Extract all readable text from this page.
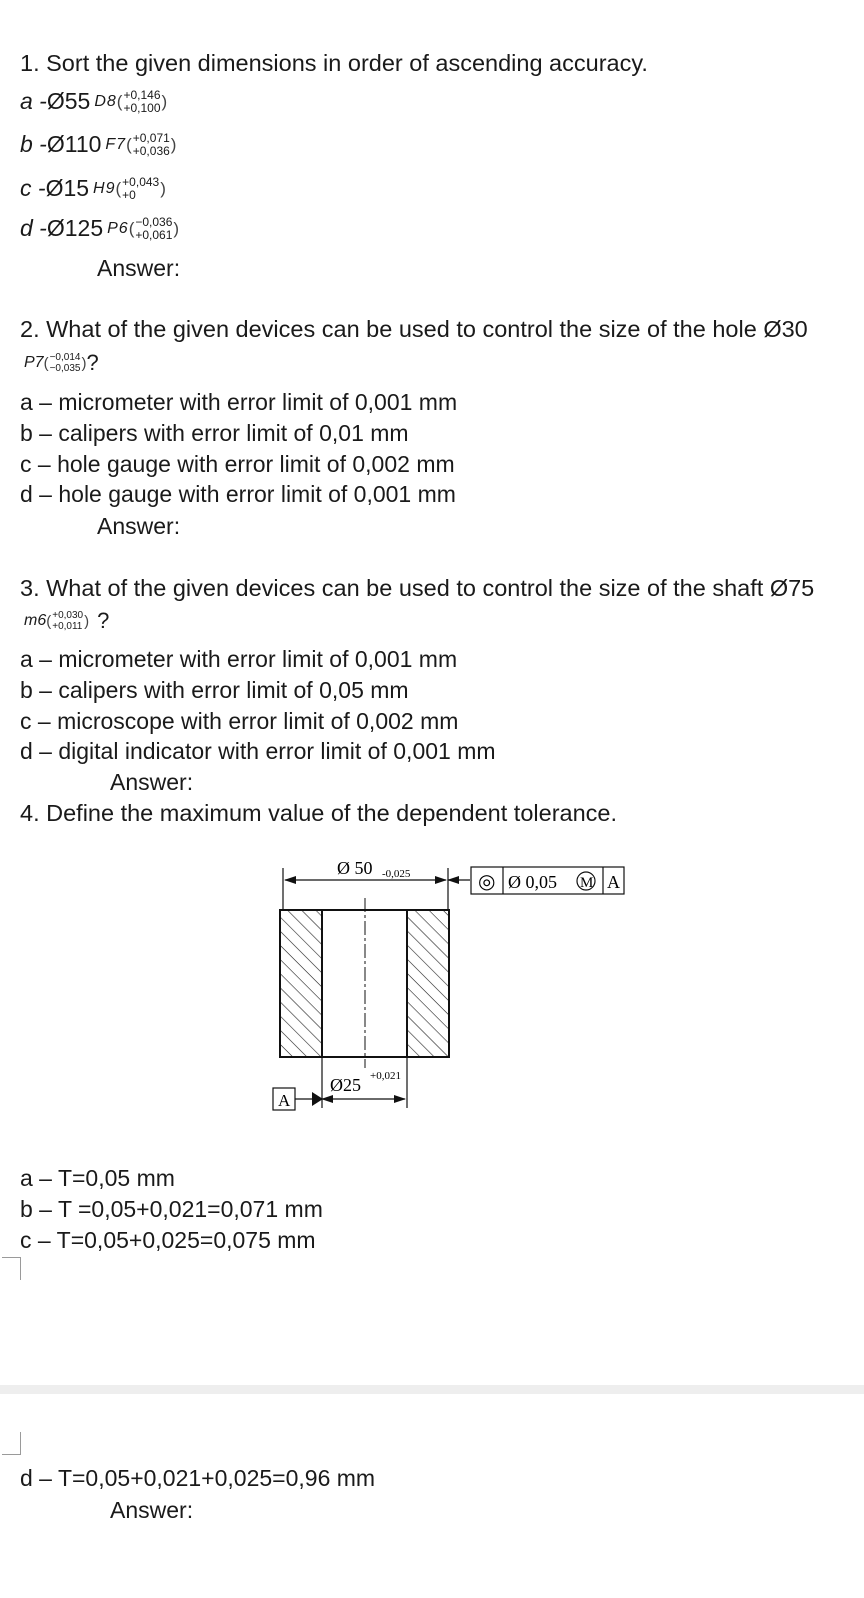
1. Sort the given dimensions in order of ascending accuracy.
a - Ø55 D8 ( +0,146
+0,100 )
b - Ø110 F7 ( +0,071
+0,036 )
c - Ø15 H9 ( +0,043
+0	)
d - Ø125 P6 ( −0,036
+0,061 )
Answer:
2. What of the given devices can be used to control the size of the hole Ø30
P7 ( −0,014
−0,035 ) ?
a – micrometer with error limit of 0,001 mm
b – calipers with error limit of 0,01 mm
c – hole gauge with error limit of 0,002 mm
d – hole gauge with error limit of 0,001 mm
Answer:
3. What of the given devices can be used to control the size of the shaft Ø75
m6 ( +0,030
+0,011 ) ?
a – micrometer with error limit of 0,001 mm
b – calipers with error limit of 0,05 mm
c – microscope with error limit of 0,002 mm
d – digital indicator with error limit of 0,001 mm
Answer:
4. Define the maximum value of the dependent tolerance.
Ø 50 -0,025	◎ Ø 0,05 M A
Ø25 +0,021
A
a – T=0,05 mm
b – T =0,05+0,021=0,071 mm
c – T=0,05+0,025=0,075 mm
d – T=0,05+0,021+0,025=0,96 mm
Answer:
